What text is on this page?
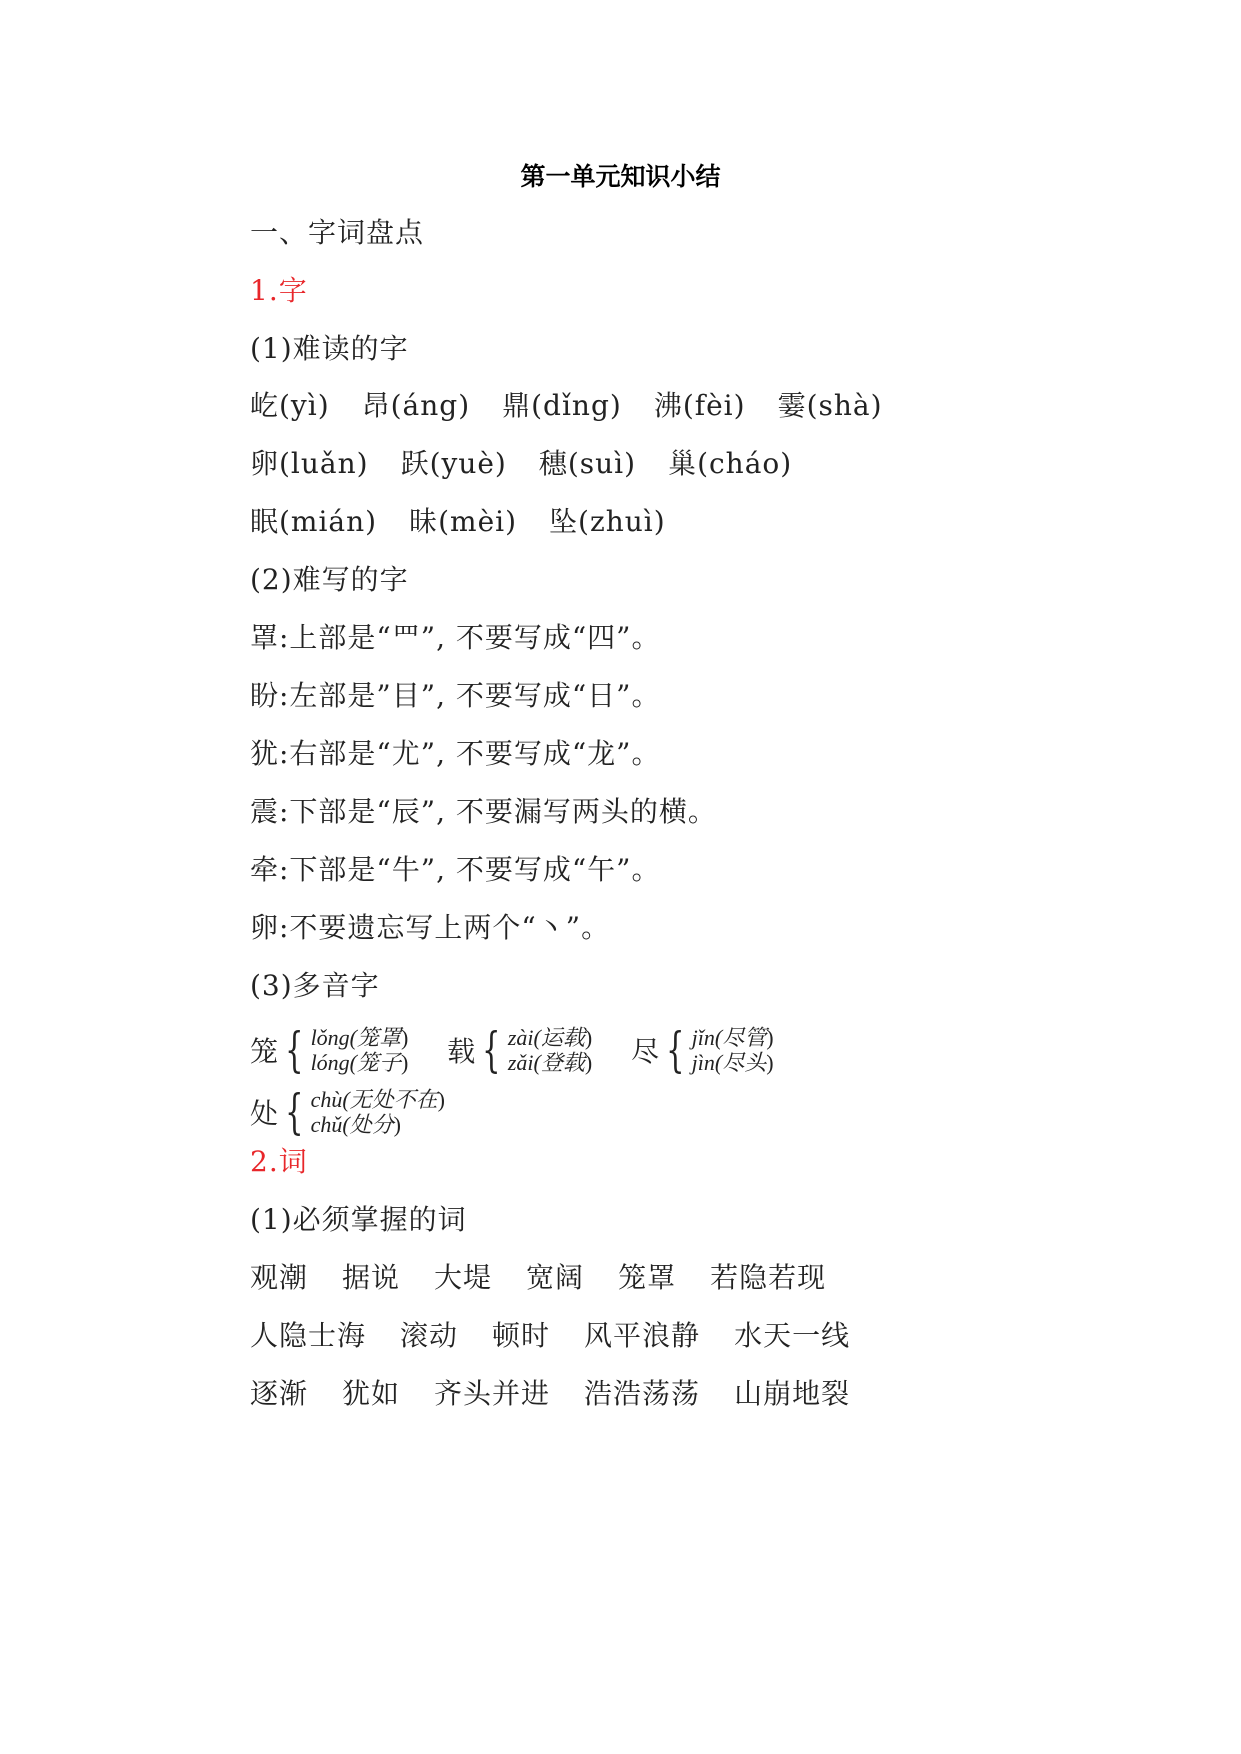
第一单元知识小结
一、字词盘点
1.字
(1)难读的字
屹(yì) 昂(áng) 鼎(dǐng) 沸(fèi) 霎(shà)
卵(luǎn) 跃(yuè) 穗(suì) 巢(cháo)
眠(mián) 昧(mèi) 坠(zhuì)
(2)难写的字
罩:上部是“罒”, 不要写成“四”。
盼:左部是”目”, 不要写成“日”。
犹:右部是“尤”, 不要写成“龙”。
震:下部是“辰”, 不要漏写两头的横。
牵:下部是“牛”, 不要写成“午”。
卵:不要遗忘写上两个“丶”。
(3)多音字
笼 { lǒng(笼罩)
lóng(笼子)
载 { zài(运载)
zǎi(登载)
尽 { jǐn(尽管)
jìn(尽头)
处 { chù(无处不在)
chǔ(处分)
2.词
(1)必须掌握的词
观潮 据说 大堤 宽阔 笼罩 若隐若现
人隐士海 滚动 顿时 风平浪静 水天一线
逐渐 犹如 齐头并进 浩浩荡荡 山崩地裂
